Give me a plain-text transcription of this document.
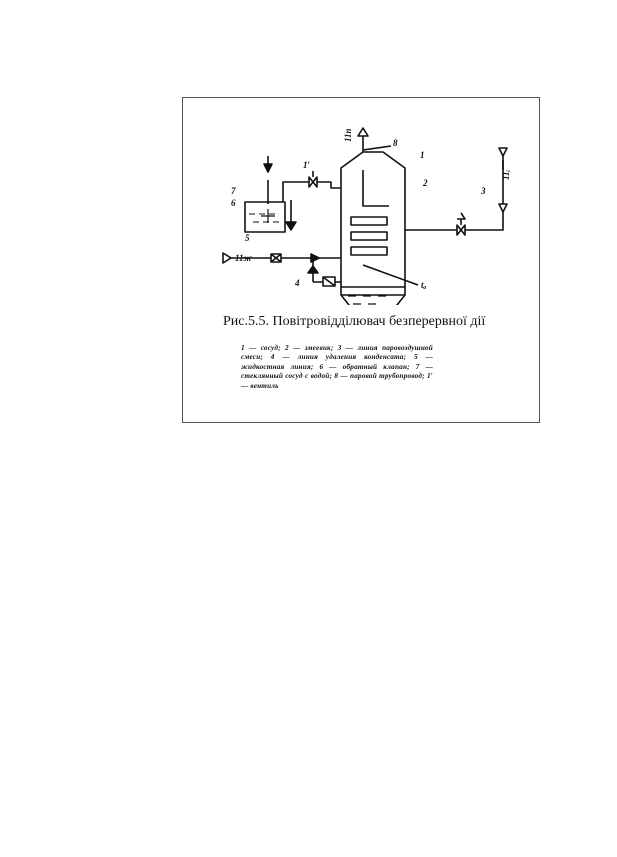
8
1
2
3
1′
7
6
5
4	tₐ
11п
11ж
11ᵢ
Рис.5.5. Повітровідділювач безперервної дії
1 — сосуд; 2 — змеевик; 3 — линия паровоздушной смеси; 4 — линия удаления конденсата; 5 — жидкостная линия; 6 — обратный клапан; 7 — стеклянный сосуд с водой; 8 — паровой трубопровод; 1′ — вентиль
